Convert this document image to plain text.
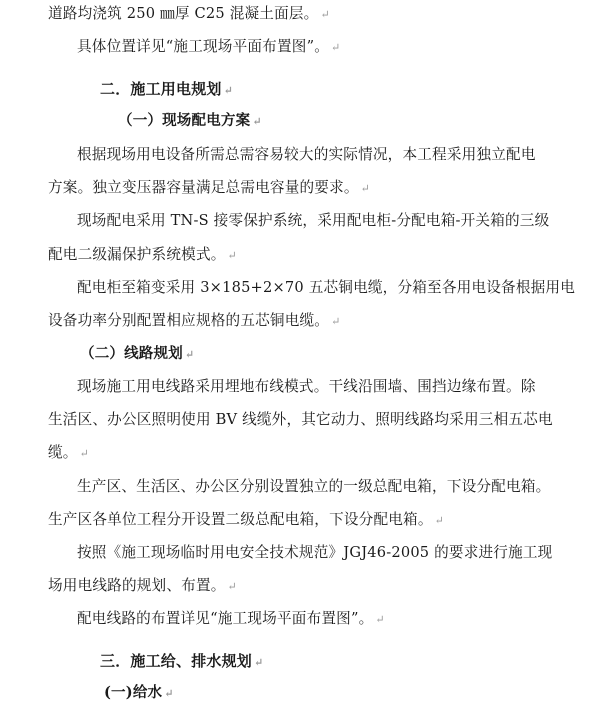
道路均浇筑 250 ㎜厚 C25 混凝土面层。 ↵
具体位置详见“施工现场平面布置图”。 ↵
二．施工用电规划 ↵
（一）现场配电方案 ↵
根据现场用电设备所需总需容易较大的实际情况，本工程采用独立配电
方案。独立变压器容量满足总需电容量的要求。 ↵
现场配电采用 TN-S 接零保护系统，采用配电柜-分配电箱-开关箱的三级
配电二级漏保护系统模式。 ↵
配电柜至箱变采用 3×185+2×70 五芯铜电缆，分箱至各用电设备根据用电
设备功率分别配置相应规格的五芯铜电缆。 ↵
（二）线路规划 ↵
现场施工用电线路采用埋地布线模式。干线沿围墙、围挡边缘布置。除
生活区、办公区照明使用 BV 线缆外，其它动力、照明线路均采用三相五芯电
缆。 ↵
生产区、生活区、办公区分别设置独立的一级总配电箱，下设分配电箱。
生产区各单位工程分开设置二级总配电箱，下设分配电箱。 ↵
按照《施工现场临时用电安全技术规范》JGJ46-2005 的要求进行施工现
场用电线路的规划、布置。 ↵
配电线路的布置详见“施工现场平面布置图”。 ↵
三．施工给、排水规划 ↵
(一)给水 ↵
